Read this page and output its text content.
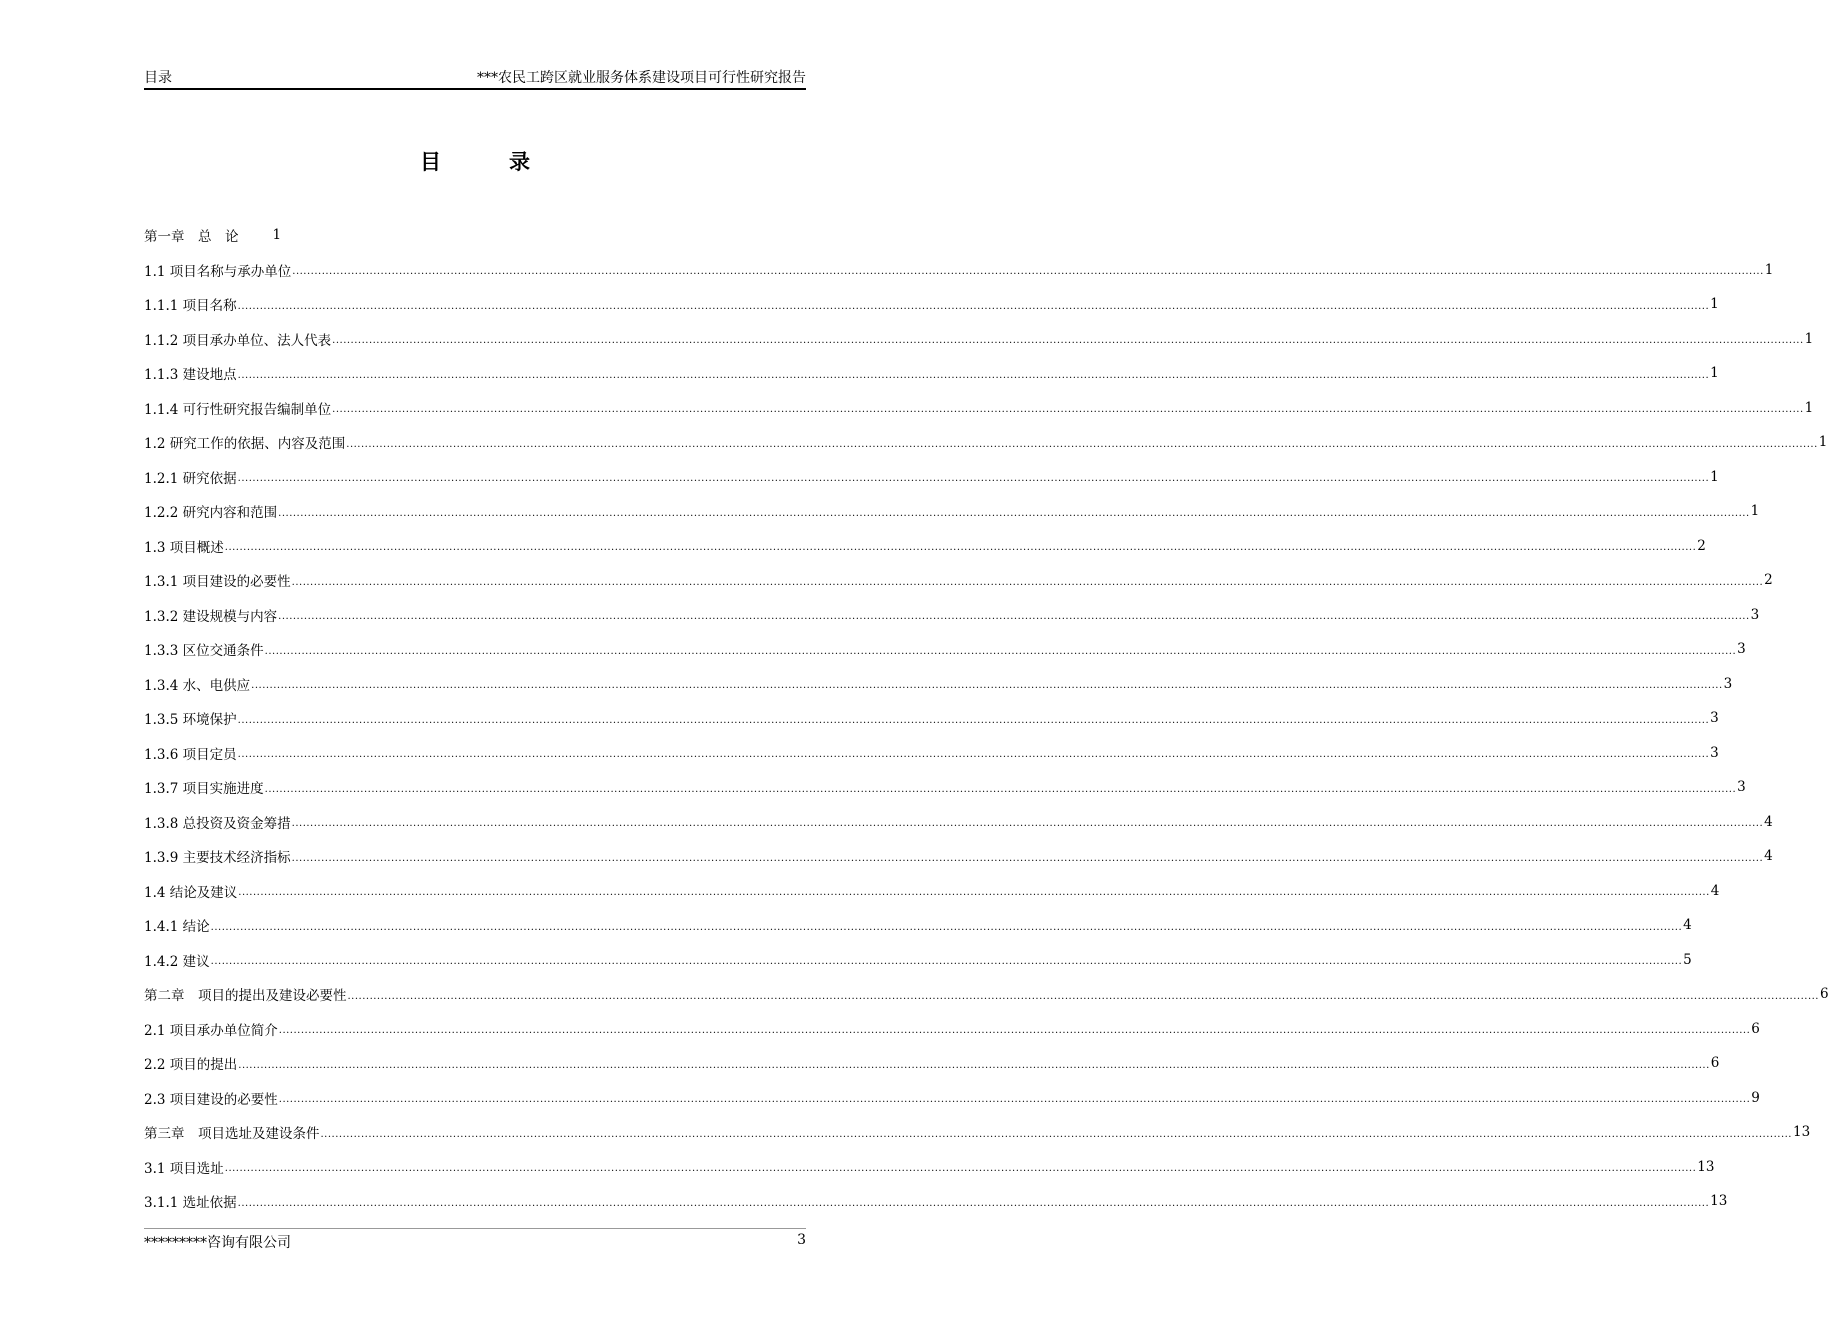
目录	***农民工跨区就业服务体系建设项目可行性研究报告
目录
第一章　总　论	1
1.1 项目名称与承办单位 ................................................................................................................................................................................................................................................................................................................................................................................................................ 1
1.1.1 项目名称 ................................................................................................................................................................................................................................................................................................................................................................................................................ 1
1.1.2 项目承办单位、法人代表 ................................................................................................................................................................................................................................................................................................................................................................................................................ 1
1.1.3 建设地点 ................................................................................................................................................................................................................................................................................................................................................................................................................ 1
1.1.4 可行性研究报告编制单位 ................................................................................................................................................................................................................................................................................................................................................................................................................ 1
1.2 研究工作的依据、内容及范围 ................................................................................................................................................................................................................................................................................................................................................................................................................ 1
1.2.1 研究依据 ................................................................................................................................................................................................................................................................................................................................................................................................................ 1
1.2.2 研究内容和范围 ................................................................................................................................................................................................................................................................................................................................................................................................................ 1
1.3 项目概述 ................................................................................................................................................................................................................................................................................................................................................................................................................ 2
1.3.1 项目建设的必要性 ................................................................................................................................................................................................................................................................................................................................................................................................................ 2
1.3.2 建设规模与内容 ................................................................................................................................................................................................................................................................................................................................................................................................................ 3
1.3.3 区位交通条件 ................................................................................................................................................................................................................................................................................................................................................................................................................ 3
1.3.4 水、电供应 ................................................................................................................................................................................................................................................................................................................................................................................................................ 3
1.3.5 环境保护 ................................................................................................................................................................................................................................................................................................................................................................................................................ 3
1.3.6 项目定员 ................................................................................................................................................................................................................................................................................................................................................................................................................ 3
1.3.7 项目实施进度 ................................................................................................................................................................................................................................................................................................................................................................................................................ 3
1.3.8 总投资及资金筹措 ................................................................................................................................................................................................................................................................................................................................................................................................................ 4
1.3.9 主要技术经济指标 ................................................................................................................................................................................................................................................................................................................................................................................................................ 4
1.4 结论及建议 ................................................................................................................................................................................................................................................................................................................................................................................................................ 4
1.4.1 结论 ................................................................................................................................................................................................................................................................................................................................................................................................................ 4
1.4.2 建议 ................................................................................................................................................................................................................................................................................................................................................................................................................ 5
第二章　项目的提出及建设必要性 ................................................................................................................................................................................................................................................................................................................................................................................................................ 6
2.1 项目承办单位简介 ................................................................................................................................................................................................................................................................................................................................................................................................................ 6
2.2 项目的提出 ................................................................................................................................................................................................................................................................................................................................................................................................................ 6
2.3 项目建设的必要性 ................................................................................................................................................................................................................................................................................................................................................................................................................ 9
第三章　项目选址及建设条件 ................................................................................................................................................................................................................................................................................................................................................................................................................ 13
3.1 项目选址 ................................................................................................................................................................................................................................................................................................................................................................................................................ 13
3.1.1 选址依据 ................................................................................................................................................................................................................................................................................................................................................................................................................ 13
*********咨询有限公司	3
